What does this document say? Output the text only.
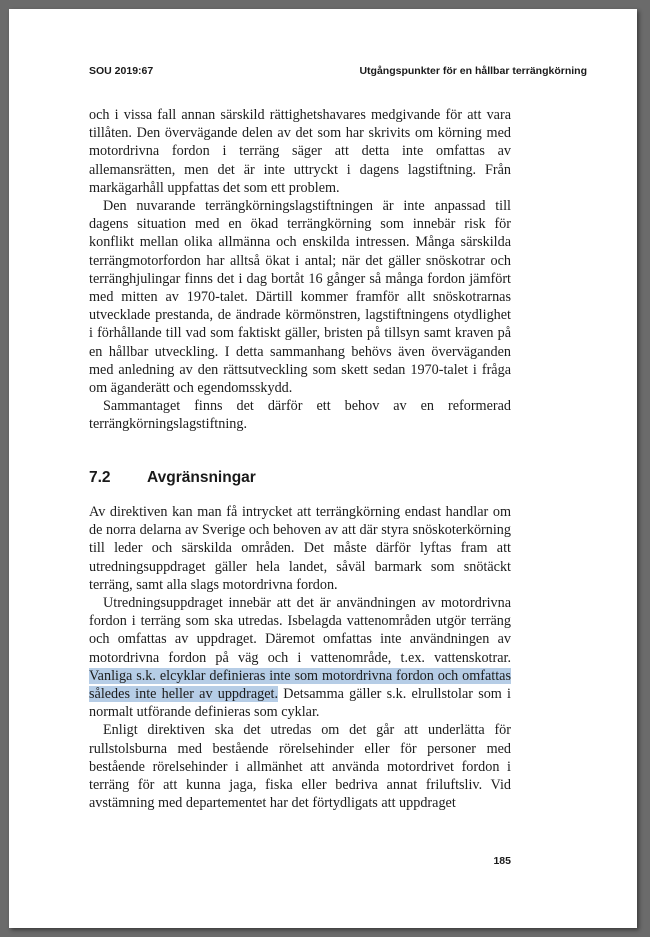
SOU 2019:67	Utgångspunkter för en hållbar terrängkörning

och i vissa fall annan särskild rättighetshavares medgivande för att vara tillåten. Den övervägande delen av det som har skrivits om körning med motordrivna fordon i terräng säger att detta inte omfattas av allemansrätten, men det är inte uttryckt i dagens lagstiftning. Från markägarhåll uppfattas det som ett problem.

Den nuvarande terrängkörningslagstiftningen är inte anpassad till dagens situation med en ökad terrängkörning som innebär risk för konflikt mellan olika allmänna och enskilda intressen. Många särskilda terrängmotorfordon har alltså ökat i antal; när det gäller snöskotrar och terränghjulingar finns det i dag bortåt 16 gånger så många fordon jämfört med mitten av 1970-talet. Därtill kommer framför allt snöskotrarnas utvecklade prestanda, de ändrade körmönstren, lagstiftningens otydlighet i förhållande till vad som faktiskt gäller, bristen på tillsyn samt kraven på en hållbar utveckling. I detta sammanhang behövs även överväganden med anledning av den rättsutveckling som skett sedan 1970-talet i fråga om äganderätt och egendomsskydd.

Sammantaget finns det därför ett behov av en reformerad terrängkörningslagstiftning.

7.2 Avgränsningar

Av direktiven kan man få intrycket att terrängkörning endast handlar om de norra delarna av Sverige och behoven av att där styra snöskoterkörning till leder och särskilda områden. Det måste därför lyftas fram att utredningsuppdraget gäller hela landet, såväl barmark som snötäckt terräng, samt alla slags motordrivna fordon.

Utredningsuppdraget innebär att det är användningen av motordrivna fordon i terräng som ska utredas. Isbelagda vattenområden utgör terräng och omfattas av uppdraget. Däremot omfattas inte användningen av motordrivna fordon på väg och i vattenområde, t.ex. vattenskotrar. Vanliga s.k. elcyklar definieras inte som motordrivna fordon och omfattas således inte heller av uppdraget. Detsamma gäller s.k. elrullstolar som i normalt utförande definieras som cyklar.

Enligt direktiven ska det utredas om det går att underlätta för rullstolsburna med bestående rörelsehinder eller för personer med bestående rörelsehinder i allmänhet att använda motordrivet fordon i terräng för att kunna jaga, fiska eller bedriva annat friluftsliv. Vid avstämning med departementet har det förtydligats att uppdraget

185
